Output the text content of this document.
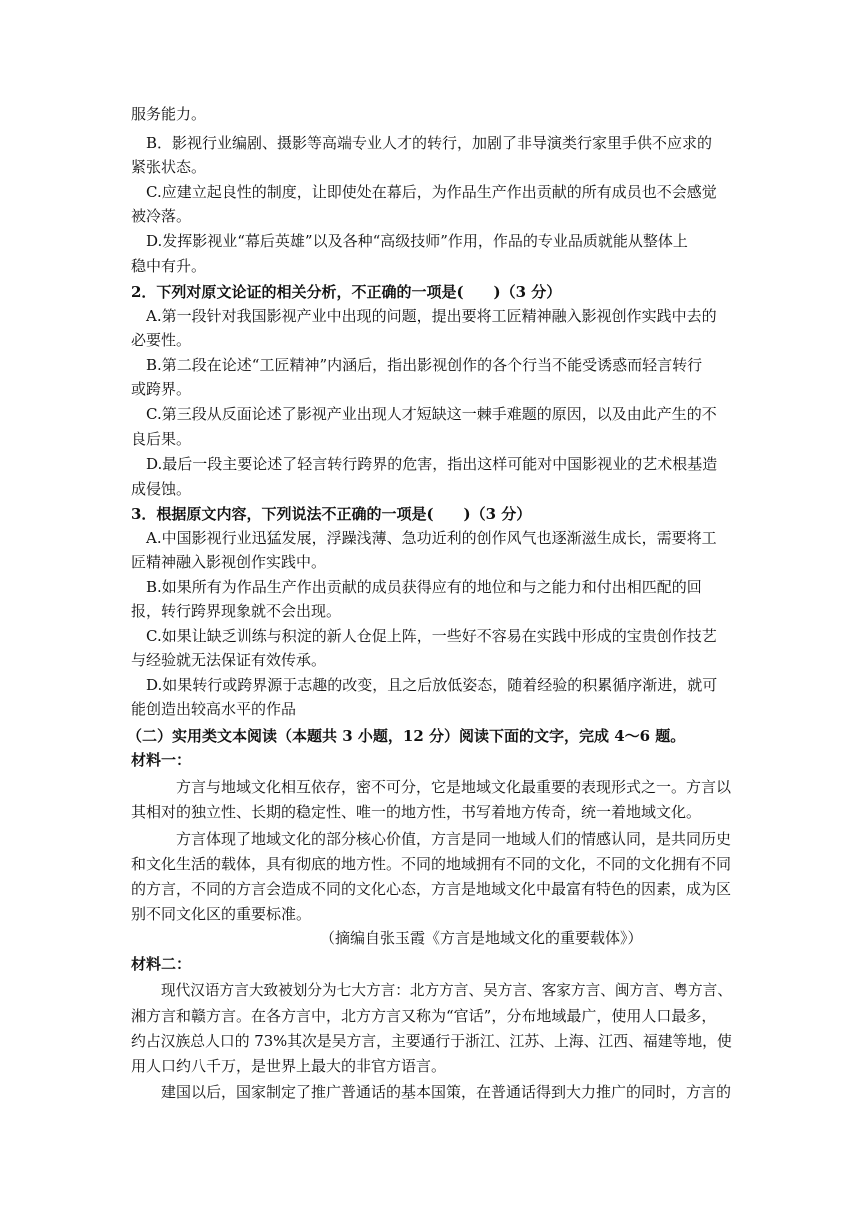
服务能力。
B．影视行业编剧、摄影等高端专业人才的转行，加剧了非导演类行家里手供不应求的
紧张状态。
C.应建立起良性的制度，让即使处在幕后，为作品生产作出贡献的所有成员也不会感觉
被冷落。
D.发挥影视业“幕后英雄”以及各种“高级技师”作用，作品的专业品质就能从整体上
稳中有升。
2．下列对原文论证的相关分析，不正确的一项是(　　)（3 分）
A.第一段针对我国影视产业中出现的问题，提出要将工匠精神融入影视创作实践中去的
必要性。
B.第二段在论述“工匠精神”内涵后，指出影视创作的各个行当不能受诱惑而轻言转行
或跨界。
C.第三段从反面论述了影视产业出现人才短缺这一棘手难题的原因，以及由此产生的不
良后果。
D.最后一段主要论述了轻言转行跨界的危害，指出这样可能对中国影视业的艺术根基造
成侵蚀。
3．根据原文内容，下列说法不正确的一项是(　　)（3 分）
A.中国影视行业迅猛发展，浮躁浅薄、急功近利的创作风气也逐渐滋生成长，需要将工
匠精神融入影视创作实践中。
B.如果所有为作品生产作出贡献的成员获得应有的地位和与之能力和付出相匹配的回
报，转行跨界现象就不会出现。
C.如果让缺乏训练与积淀的新人仓促上阵，一些好不容易在实践中形成的宝贵创作技艺
与经验就无法保证有效传承。
D.如果转行或跨界源于志趣的改变，且之后放低姿态，随着经验的积累循序渐进，就可
能创造出较高水平的作品
（二）实用类文本阅读（本题共 3 小题，12 分）阅读下面的文字，完成 4～6 题。
材料一：
方言与地域文化相互依存，密不可分，它是地域文化最重要的表现形式之一。方言以
其相对的独立性、长期的稳定性、唯一的地方性，书写着地方传奇，统一着地域文化。
方言体现了地域文化的部分核心价值，方言是同一地域人们的情感认同，是共同历史
和文化生活的载体，具有彻底的地方性。不同的地域拥有不同的文化，不同的文化拥有不同
的方言，不同的方言会造成不同的文化心态，方言是地域文化中最富有特色的因素，成为区
别不同文化区的重要标准。
（摘编自张玉霞《方言是地域文化的重要载体》）
材料二：
现代汉语方言大致被划分为七大方言：北方方言、吴方言、客家方言、闽方言、粤方言、
湘方言和赣方言。在各方言中，北方方言又称为“官话”，分布地域最广，使用人口最多，
约占汉族总人口的 73%其次是吴方言，主要通行于浙江、江苏、上海、江西、福建等地，使
用人口约八千万，是世界上最大的非官方语言。
建国以后，国家制定了推广普通话的基本国策，在普通话得到大力推广的同时，方言的
